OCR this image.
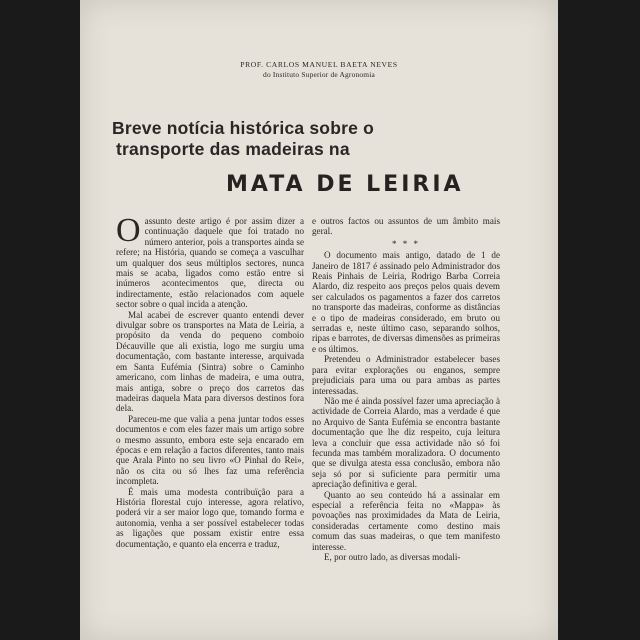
PROF. CARLOS MANUEL BAETA NEVES
do Instituto Superior de Agronomia
Breve notícia histórica sobre o
transporte das madeiras na
MATA DE LEIRIA
O assunto deste artigo é por assim dizer a continuação daquele que foi tratado no número anterior, pois a transportes ainda se refere; na História, quando se começa a vasculhar um qualquer dos seus múltiplos sectores, nunca mais se acaba, ligados como estão entre si inúmeros acontecimentos que, directa ou indirectamente, estão relacionados com aquele sector sobre o qual incida a atenção.

Mal acabei de escrever quanto entendi dever divulgar sobre os transportes na Mata de Leiria, a propósito da venda do pequeno comboio Décauville que ali existia, logo me surgiu uma documentação, com bastante interesse, arquivada em Santa Eufémia (Sintra) sobre o Caminho americano, com linhas de madeira, e uma outra, mais antiga, sobre o preço dos carretos das madeiras daquela Mata para diversos destinos fora dela.

Pareceu-me que valia a pena juntar todos esses documentos e com eles fazer mais um artigo sobre o mesmo assunto, embora este seja encarado em épocas e em relação a factos diferentes, tanto mais que Arala Pinto no seu livro «O Pinhal do Rei», não os cita ou só lhes faz uma referência incompleta.

É mais uma modesta contribuïção para a História florestal cujo interesse, agora relativo, poderá vir a ser maior logo que, tomando forma e autonomia, venha a ser possível estabelecer todas as ligações que possam existir entre essa documentação, e quanto ela encerra e traduz,

e outros factos ou assuntos de um âmbito mais geral.

* * *

O documento mais antigo, datado de 1 de Janeiro de 1817 é assinado pelo Administrador dos Reais Pinhais de Leiria, Rodrigo Barba Correia Alardo, diz respeito aos preços pelos quais devem ser calculados os pagamentos a fazer dos carretos no transporte das madeiras, conforme as distâncias e o tipo de madeiras considerado, em bruto ou serradas e, neste último caso, separando solhos, ripas e barrotes, de diversas dimensões as primeiras e os últimos.

Pretendeu o Administrador estabelecer bases para evitar explorações ou enganos, sempre prejudiciais para uma ou para ambas as partes interessadas.

Não me é ainda possível fazer uma apreciação à actividade de Correia Alardo, mas a verdade é que no Arquivo de Santa Eufémia se encontra bastante documentação que lhe diz respeito, cuja leitura leva a concluir que essa actividade não só foi fecunda mas também moralizadora. O documento que se divulga atesta essa conclusão, embora não seja só por si suficiente para permitir uma apreciação definitiva e geral.

Quanto ao seu conteúdo há a assinalar em especial a referência feita no «Mappa» às povoações nas proximidades da Mata de Leiria, consideradas certamente como destino mais comum das suas madeiras, o que tem manifesto interesse.

E, por outro lado, as diversas modali-
